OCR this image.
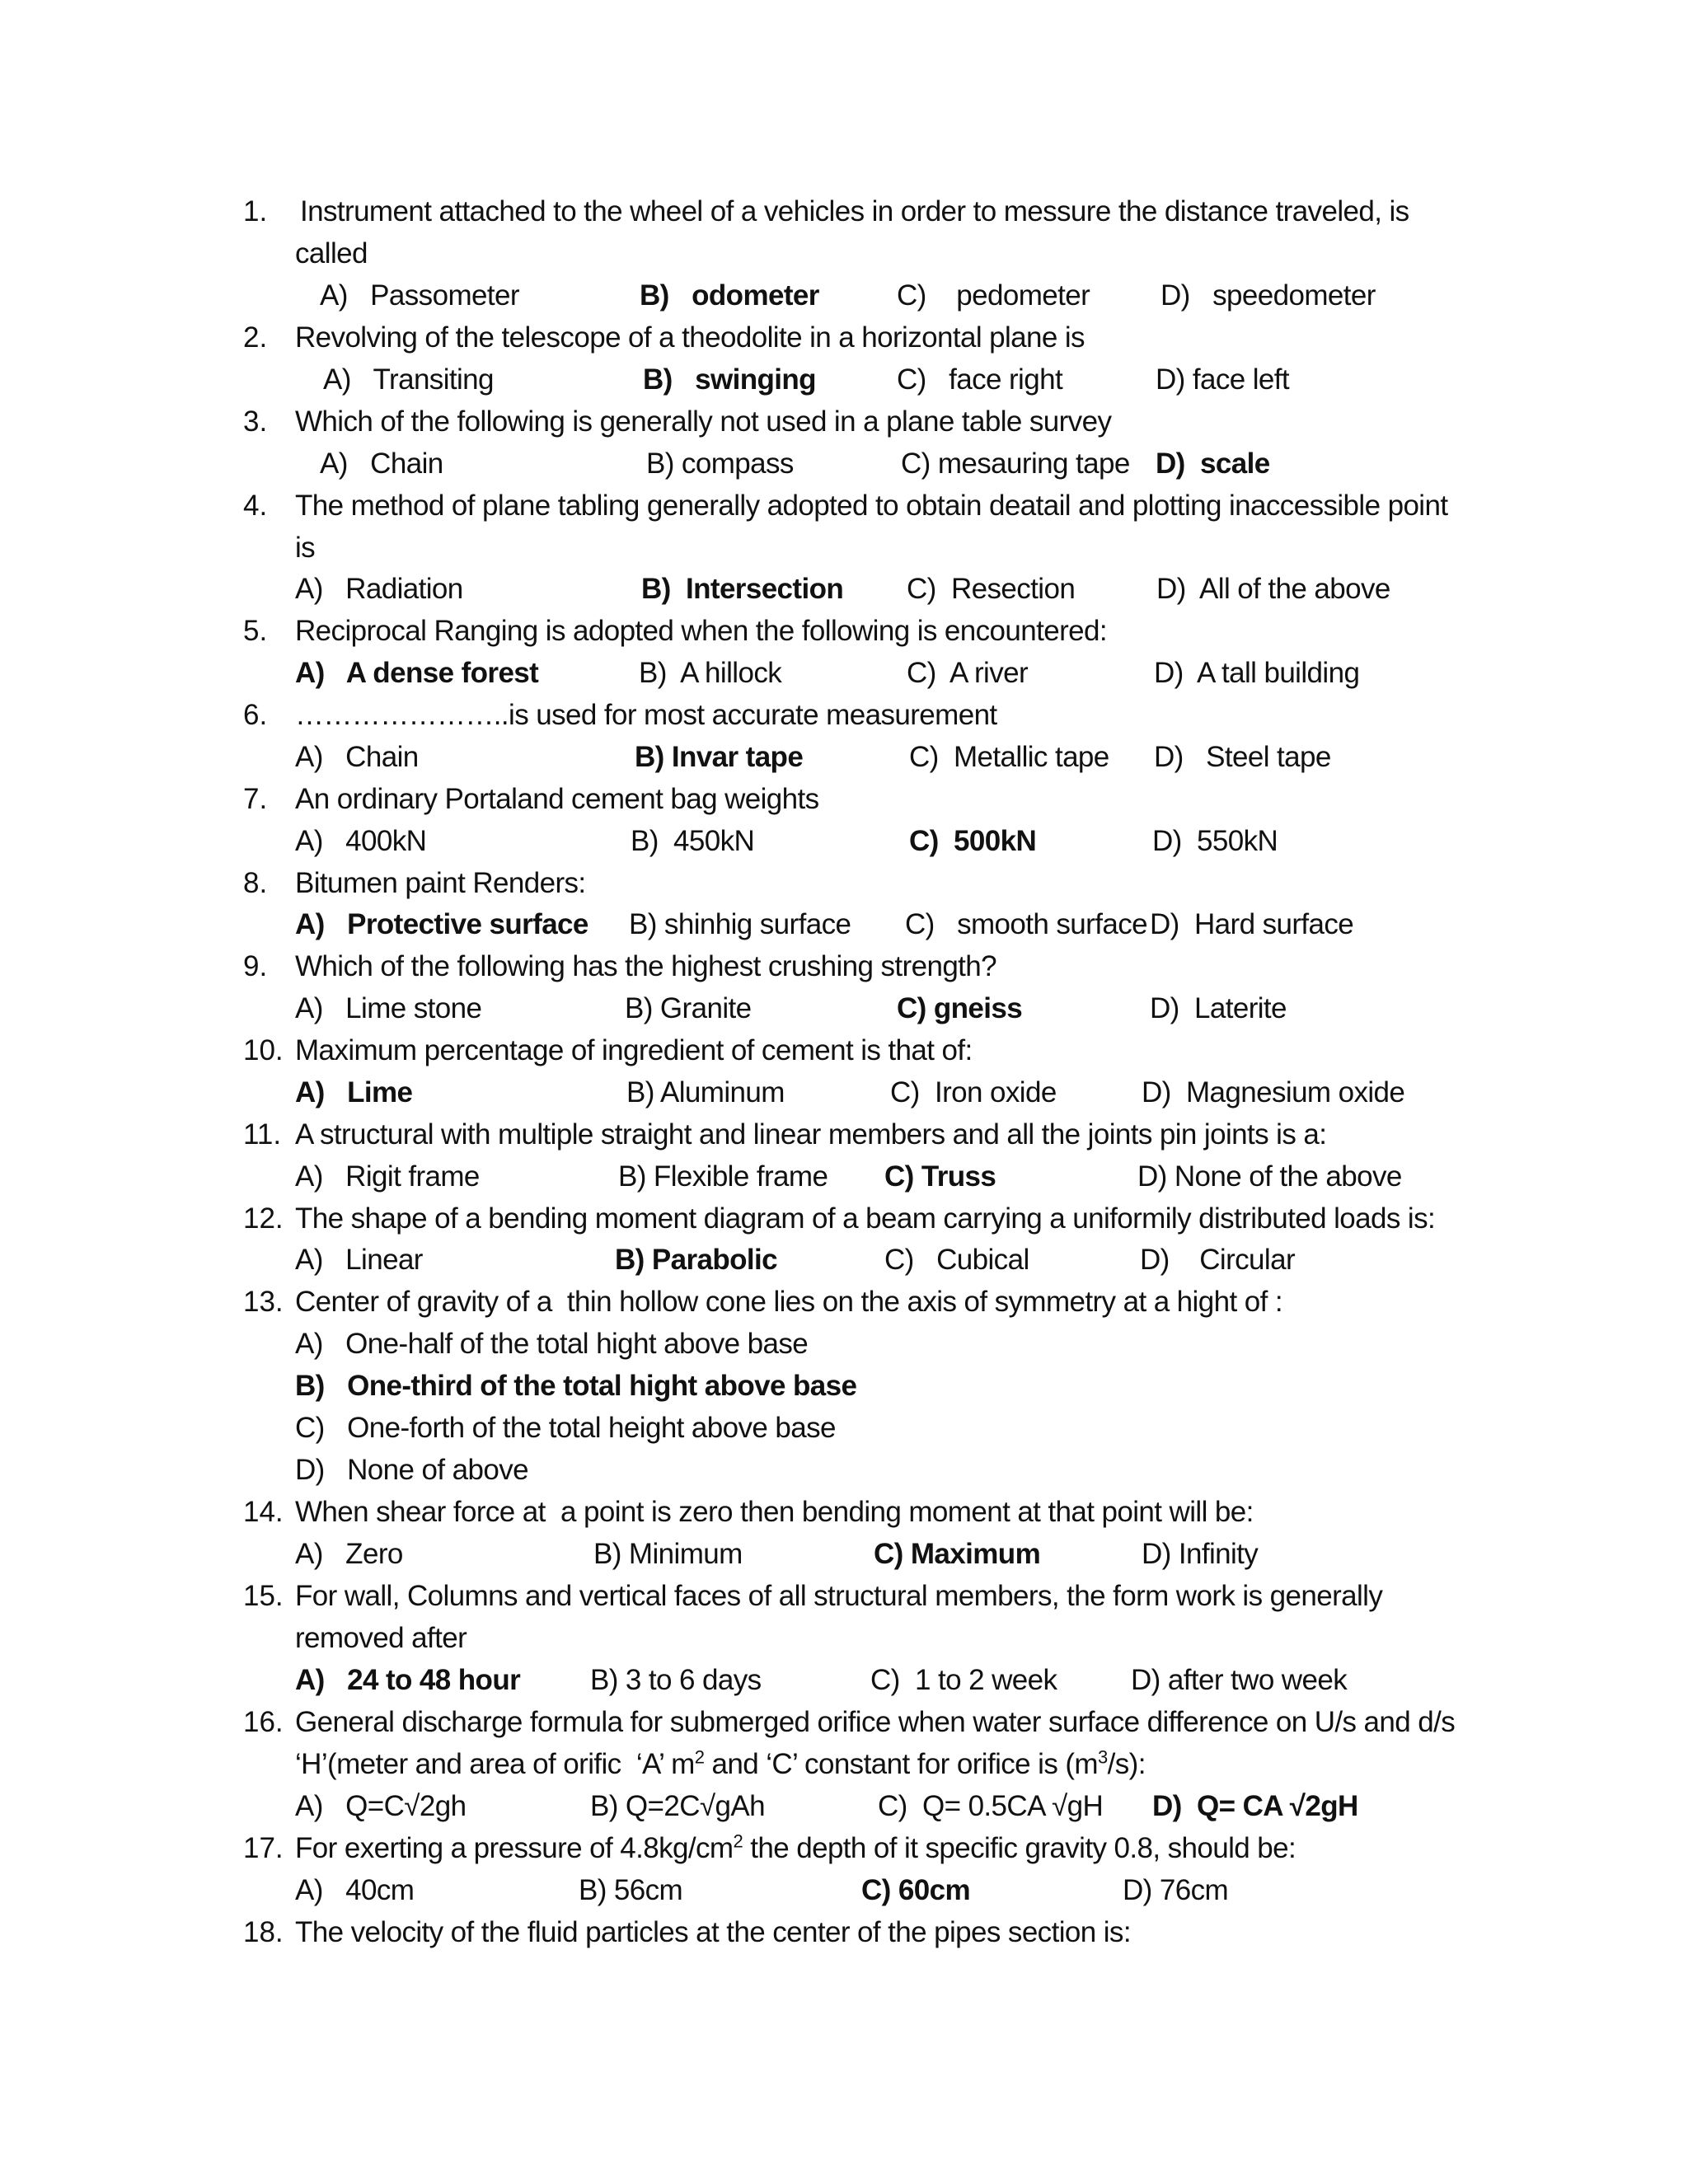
1. Instrument attached to the wheel of a vehicles in order to messure the distance traveled, is
called
A)   Passometer	B)   odometer	C)    pedometer D)   speedometer
2. Revolving of the telescope of a theodolite in a horizontal plane is
A)   Transiting	B)   swinging	C)   face right	D) face left
3. Which of the following is generally not used in a plane table survey
A)   Chain	B) compass	C) mesauring tape D)  scale
4. The method of plane tabling generally adopted to obtain deatail and plotting inaccessible point
is
A)   Radiation	B)  Intersection C)  Resection	D)  All of the above
5. Reciprocal Ranging is adopted when the following is encountered:
A)   A dense forest	B)  A hillock	C)  A river	D)  A tall building
6. …………………..is used for most accurate measurement
A)   Chain	B) Invar tape	C)  Metallic tape D)   Steel tape
7. An ordinary Portaland cement bag weights
A)   400kN	B)  450kN	C)  500kN	D)  550kN
8. Bitumen paint Renders:
A)   Protective surface B) shinhig surface C)   smooth surface D)  Hard surface
9. Which of the following has the highest crushing strength?
A)   Lime stone	B) Granite	C) gneiss	D)  Laterite
10. Maximum percentage of ingredient of cement is that of:
A)   Lime	B) Aluminum	C)  Iron oxide	D)  Magnesium oxide
11. A structural with multiple straight and linear members and all the joints pin joints is a:
A)   Rigit frame	B) Flexible frame C) Truss	D) None of the above
12. The shape of a bending moment diagram of a beam carrying a uniformily distributed loads is:
A)   Linear	B) Parabolic	C)   Cubical	D)    Circular
13. Center of gravity of a  thin hollow cone lies on the axis of symmetry at a hight of :
A)   One-half of the total hight above base
B)   One-third of the total hight above base
C)   One-forth of the total height above base
D)   None of above
14. When shear force at  a point is zero then bending moment at that point will be:
A)   Zero	B) Minimum	C) Maximum	D) Infinity
15. For wall, Columns and vertical faces of all structural members, the form work is generally
removed after
A)   24 to 48 hour B) 3 to 6 days	C)  1 to 2 week	D) after two week
16. General discharge formula for submerged orifice when water surface difference on U/s and d/s
‘H’(meter and area of orific  ‘A’ $m^2$ and ‘C’ constant for orifice is $(m^3/s)$:
A)   Q=C√2gh	B) Q=2C√gAh	C)  Q= 0.5CA √gH D)  Q= CA √2gH
17. For exerting a pressure of $4.8kg/cm^2$ the depth of it specific gravity 0.8, should be:
A)   40cm	B) 56cm	C) 60cm	D) 76cm
18. The velocity of the fluid particles at the center of the pipes section is:
